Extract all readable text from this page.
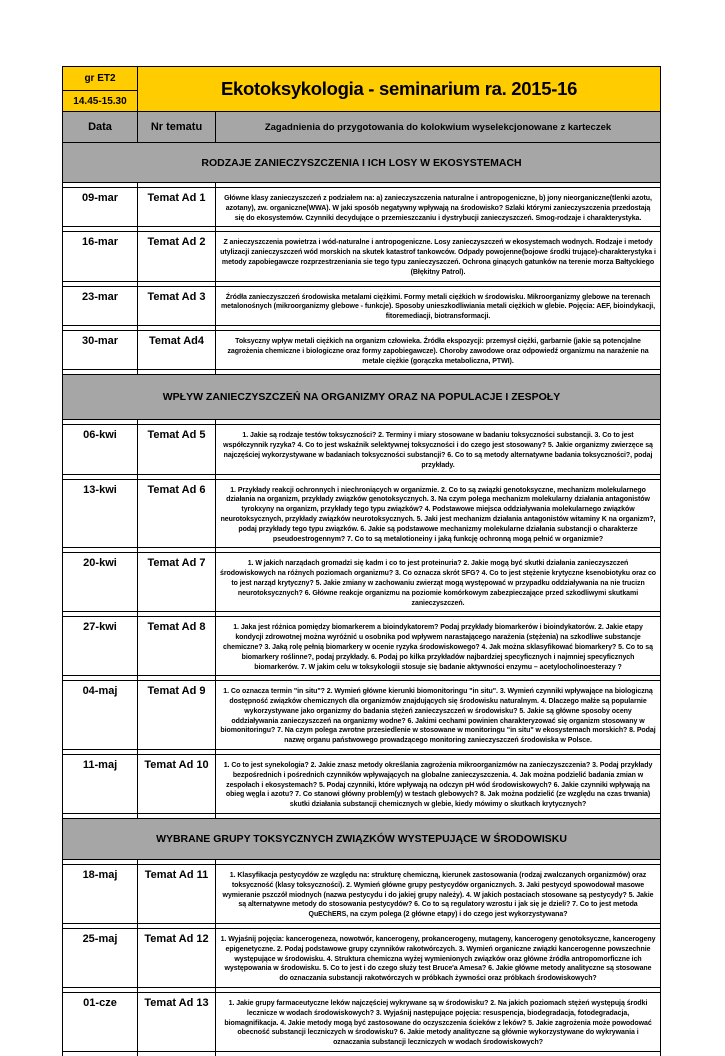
gr ET2	Ekotoksykologia - seminarium ra. 2015-16	
14.45-15.30		
Data	Nr tematu	Zagadnienia do przygotowania do kolokwium wyselekcjonowane z karteczek
RODZAJE ZANIECZYSZCZENIA I ICH LOSY W EKOSYSTEMACH		

09-mar	Temat Ad 1	Główne klasy zanieczyszczeń z podziałem na: a) zanieczyszczenia naturalne i antropogeniczne, b) jony nieorganiczne(tlenki azotu, azotany), zw. organiczne(WWA). W jaki sposób negatywny wpływają na środowisko? Szlaki którymi zanieczyszczenia przedostają się do ekosystemów. Czynniki decydujące o przemieszczaniu i dystrybucji zanieczyszczeń. Smog-rodzaje i charakterystyka.

16-mar	Temat Ad 2	Z anieczyszczenia powietrza i wód-naturalne i antropogeniczne. Losy zanieczyszczeń w ekosystemach wodnych. Rodzaje i metody utylizacji zanieczyszczeń wód morskich na skutek katastrof tankowców. Odpady powojenne(bojowe środki trujące)-charakterystyka i metody zapobiegawcze rozprzestrzeniania sie tego typu zanieczyszczeń. Ochrona ginących gatunków na terenie morza Bałtyckiego (Błękitny Patrol).

23-mar	Temat Ad 3	Źródła zanieczyszczeń środowiska metalami ciężkimi. Formy metali ciężkich w środowisku. Mikroorganizmy glebowe na terenach metalonośnych (mikroorganizmy glebowe - funkcje). Sposoby unieszkodliwiania metali ciężkich w glebie. Pojęcia: AEF, bioindykacji, fitoremediacji, biotransformacji.

30-mar	Temat Ad4	Toksyczny wpływ metali ciężkich na organizm człowieka. Źródła ekspozycji: przemysł ciężki, garbarnie (jakie są potencjalne zagrożenia chemiczne i biologiczne oraz formy zapobiegawcze). Choroby zawodowe oraz odpowiedź organizmu na narażenie na metale ciężkie (gorączka metaboliczna, PTWI).

WPŁYW ZANIECZYSZCZEŃ NA ORGANIZMY ORAZ NA POPULACJE I ZESPOŁY		

06-kwi	Temat Ad 5	1. Jakie są rodzaje testów toksyczności? 2. Terminy i miary stosowane w badaniu toksyczności substancji. 3. Co to jest współczynnik ryzyka? 4. Co to jest wskaźnik selektywnej toksyczności i do czego jest stosowany? 5. Jakie organizmy zwierzęce są najczęściej wykorzystywane w badaniach toksyczności substancji? 6. Co to są metody alternatywne badania toksyczności?, podaj przykłady.

13-kwi	Temat Ad 6	1. Przykłady reakcji ochronnych i niechroniących w organizmie. 2. Co to są związki genotoksyczne, mechanizm molekularnego działania na organizm, przykłady związków genotoksycznych. 3. Na czym polega mechanizm molekularny działania antagonistów tyrokxyny na organizm, przykłady tego typu związków? 4. Podstawowe miejsca oddziaływania molekularnego związków neurotoksycznych, przykłady związków neurotoksycznych. 5. Jaki jest mechanizm działania antagonistów witaminy K na organizm?, podaj przykłady tego typu związków. 6. Jakie są podstawowe mechanizmy molekularne działania substancji o charakterze pseudoestrogennym? 7. Co to są metalotioneiny i jaką funkcję ochronną mogą pełnić w organizmie?

20-kwi	Temat Ad 7	1. W jakich narządach gromadzi się kadm i co to jest proteinuria? 2. Jakie mogą być skutki działania zanieczyszczeń środowiskowych na różnych poziomach organizmu? 3. Co oznacza skrót SFG? 4. Co to jest stężenie krytyczne ksenobiotyku oraz co to jest narząd krytyczny? 5. Jakie zmiany w zachowaniu zwierząt mogą występować w przypadku oddziaływania na nie trucizn neurotoksycznych? 6. Główne reakcje organizmu na poziomie komórkowym zabezpieczające przed szkodliwymi skutkami zanieczyszczeń.

27-kwi	Temat Ad 8	1. Jaka jest różnica pomiędzy biomarkerem a bioindykatorem? Podaj przykłady biomarkerów i bioindykatorów. 2. Jakie etapy kondycji zdrowotnej można wyróżnić u osobnika pod wpływem narastającego narażenia (stężenia) na szkodliwe substancje chemiczne? 3. Jaką rolę pełnią biomarkery w ocenie ryzyka środowiskowego? 4. Jak można sklasyfikować biomarkery? 5. Co to są biomarkery roślinne?, podaj przykłady. 6. Podaj po kilka przykładów najbardziej specyficznych i najmniej specyficznych biomarkerów. 7. W jakim celu w toksykologii stosuje się badanie aktywności enzymu – acetylocholinoesterazy ?

04-maj	Temat Ad 9	1. Co oznacza termin "in situ"? 2. Wymień główne kierunki biomonitoringu "in situ". 3. Wymień czynniki wpływające na biologiczną dostępność związków chemicznych dla organizmów znajdujących się środowisku naturalnym. 4. Dlaczego małże są popularnie wykorzystywane jako organizmy do badania stężeń zanieczyszczeń w środowisku? 5. Jakie są główne sposoby oceny oddziaływania zanieczyszczeń na organizmy wodne? 6. Jakimi cechami powinien charakteryzować się organizm stosowany w biomonitoringu? 7. Na czym polega zwrotne przesiedlenie w stosowane w monitoringu "in situ" w ekosystemach morskich? 8. Podaj nazwę organu państwowego prowadzącego monitoring zanieczyszczeń środowiska w Polsce.

11-maj	Temat Ad 10	1. Co to jest synekologia? 2. Jakie znasz metody określania zagrożenia mikroorganizmów na zanieczyszczenia? 3. Podaj przykłady bezpośrednich i pośrednich czynników wpływających na globalne zanieczyszczenia. 4. Jak można podzielić badania zmian w zespołach i ekosystemach? 5. Podaj czynniki, które wpływają na odczyn pH wód środowiskowych? 6. Jakie czynniki wpływają na obieg węgla i azotu? 7. Co stanowi główny problem(y) w testach glebowych? 8. Jak można podzielić (ze względu na czas trwania) skutki działania substancji chemicznych w glebie, kiedy mówimy o skutkach krytycznych?

WYBRANE GRUPY TOKSYCZNYCH ZWIĄZKÓW WYSTEPUJĄCE W ŚRODOWISKU		

18-maj	Temat Ad 11	1. Klasyfikacja pestycydów ze względu na: strukturę chemiczną, kierunek zastosowania (rodzaj zwalczanych organizmów) oraz toksyczność (klasy toksyczności). 2. Wymień główne grupy pestycydów organicznych. 3. Jaki pestycyd spowodował masowe wymieranie pszczół miodnych (nazwa pestycydu i do jakiej grupy należy). 4. W jakich postaciach stosowane są pestycydy? 5. Jakie są alternatywne metody do stosowania pestycydów? 6. Co to są regulatory wzrostu i jak się je dzieli? 7. Co to jest metoda QuEChERS, na czym polega (2 główne etapy) i do czego jest wykorzystywana?

25-maj	Temat Ad 12	1. Wyjaśnij pojęcia: kancerogeneza, nowotwór, kancerogeny, prokancerogeny, mutageny, kancerogeny genotoksyczne, kancerogeny epigenetyczne. 2. Podaj podstawowe grupy czynników rakotwórczych. 3. Wymień organiczne związki kancerogenne powszechnie występujące w środowisku. 4. Struktura chemiczna wyżej wymienionych związków oraz główne źródła antropomorficzne ich występowania w środowisku. 5. Co to jest i do czego służy test Bruce'a Amesa? 6. Jakie główne metody analityczne są stosowane do oznaczania substancji rakotwórczych w próbkach żywności oraz próbkach środowiskowych?

01-cze	Temat Ad 13	1. Jakie grupy farmaceutyczne leków najczęściej wykrywane są w środowisku? 2. Na jakich poziomach stężeń występują środki lecznicze w wodach środowiskowych? 3. Wyjaśnij następujące pojęcia: resuspencja, biodegradacja, fotodegradacja, biomagnifikacja. 4. Jakie metody mogą być zastosowane do oczyszczenia ścieków z leków? 5. Jakie zagrożenia może powodować obecność substancji leczniczych w środowisku? 6. Jakie metody analityczne są głównie wykorzystywane do wykrywania i oznaczania substancji leczniczych w wodach środowiskowych?
